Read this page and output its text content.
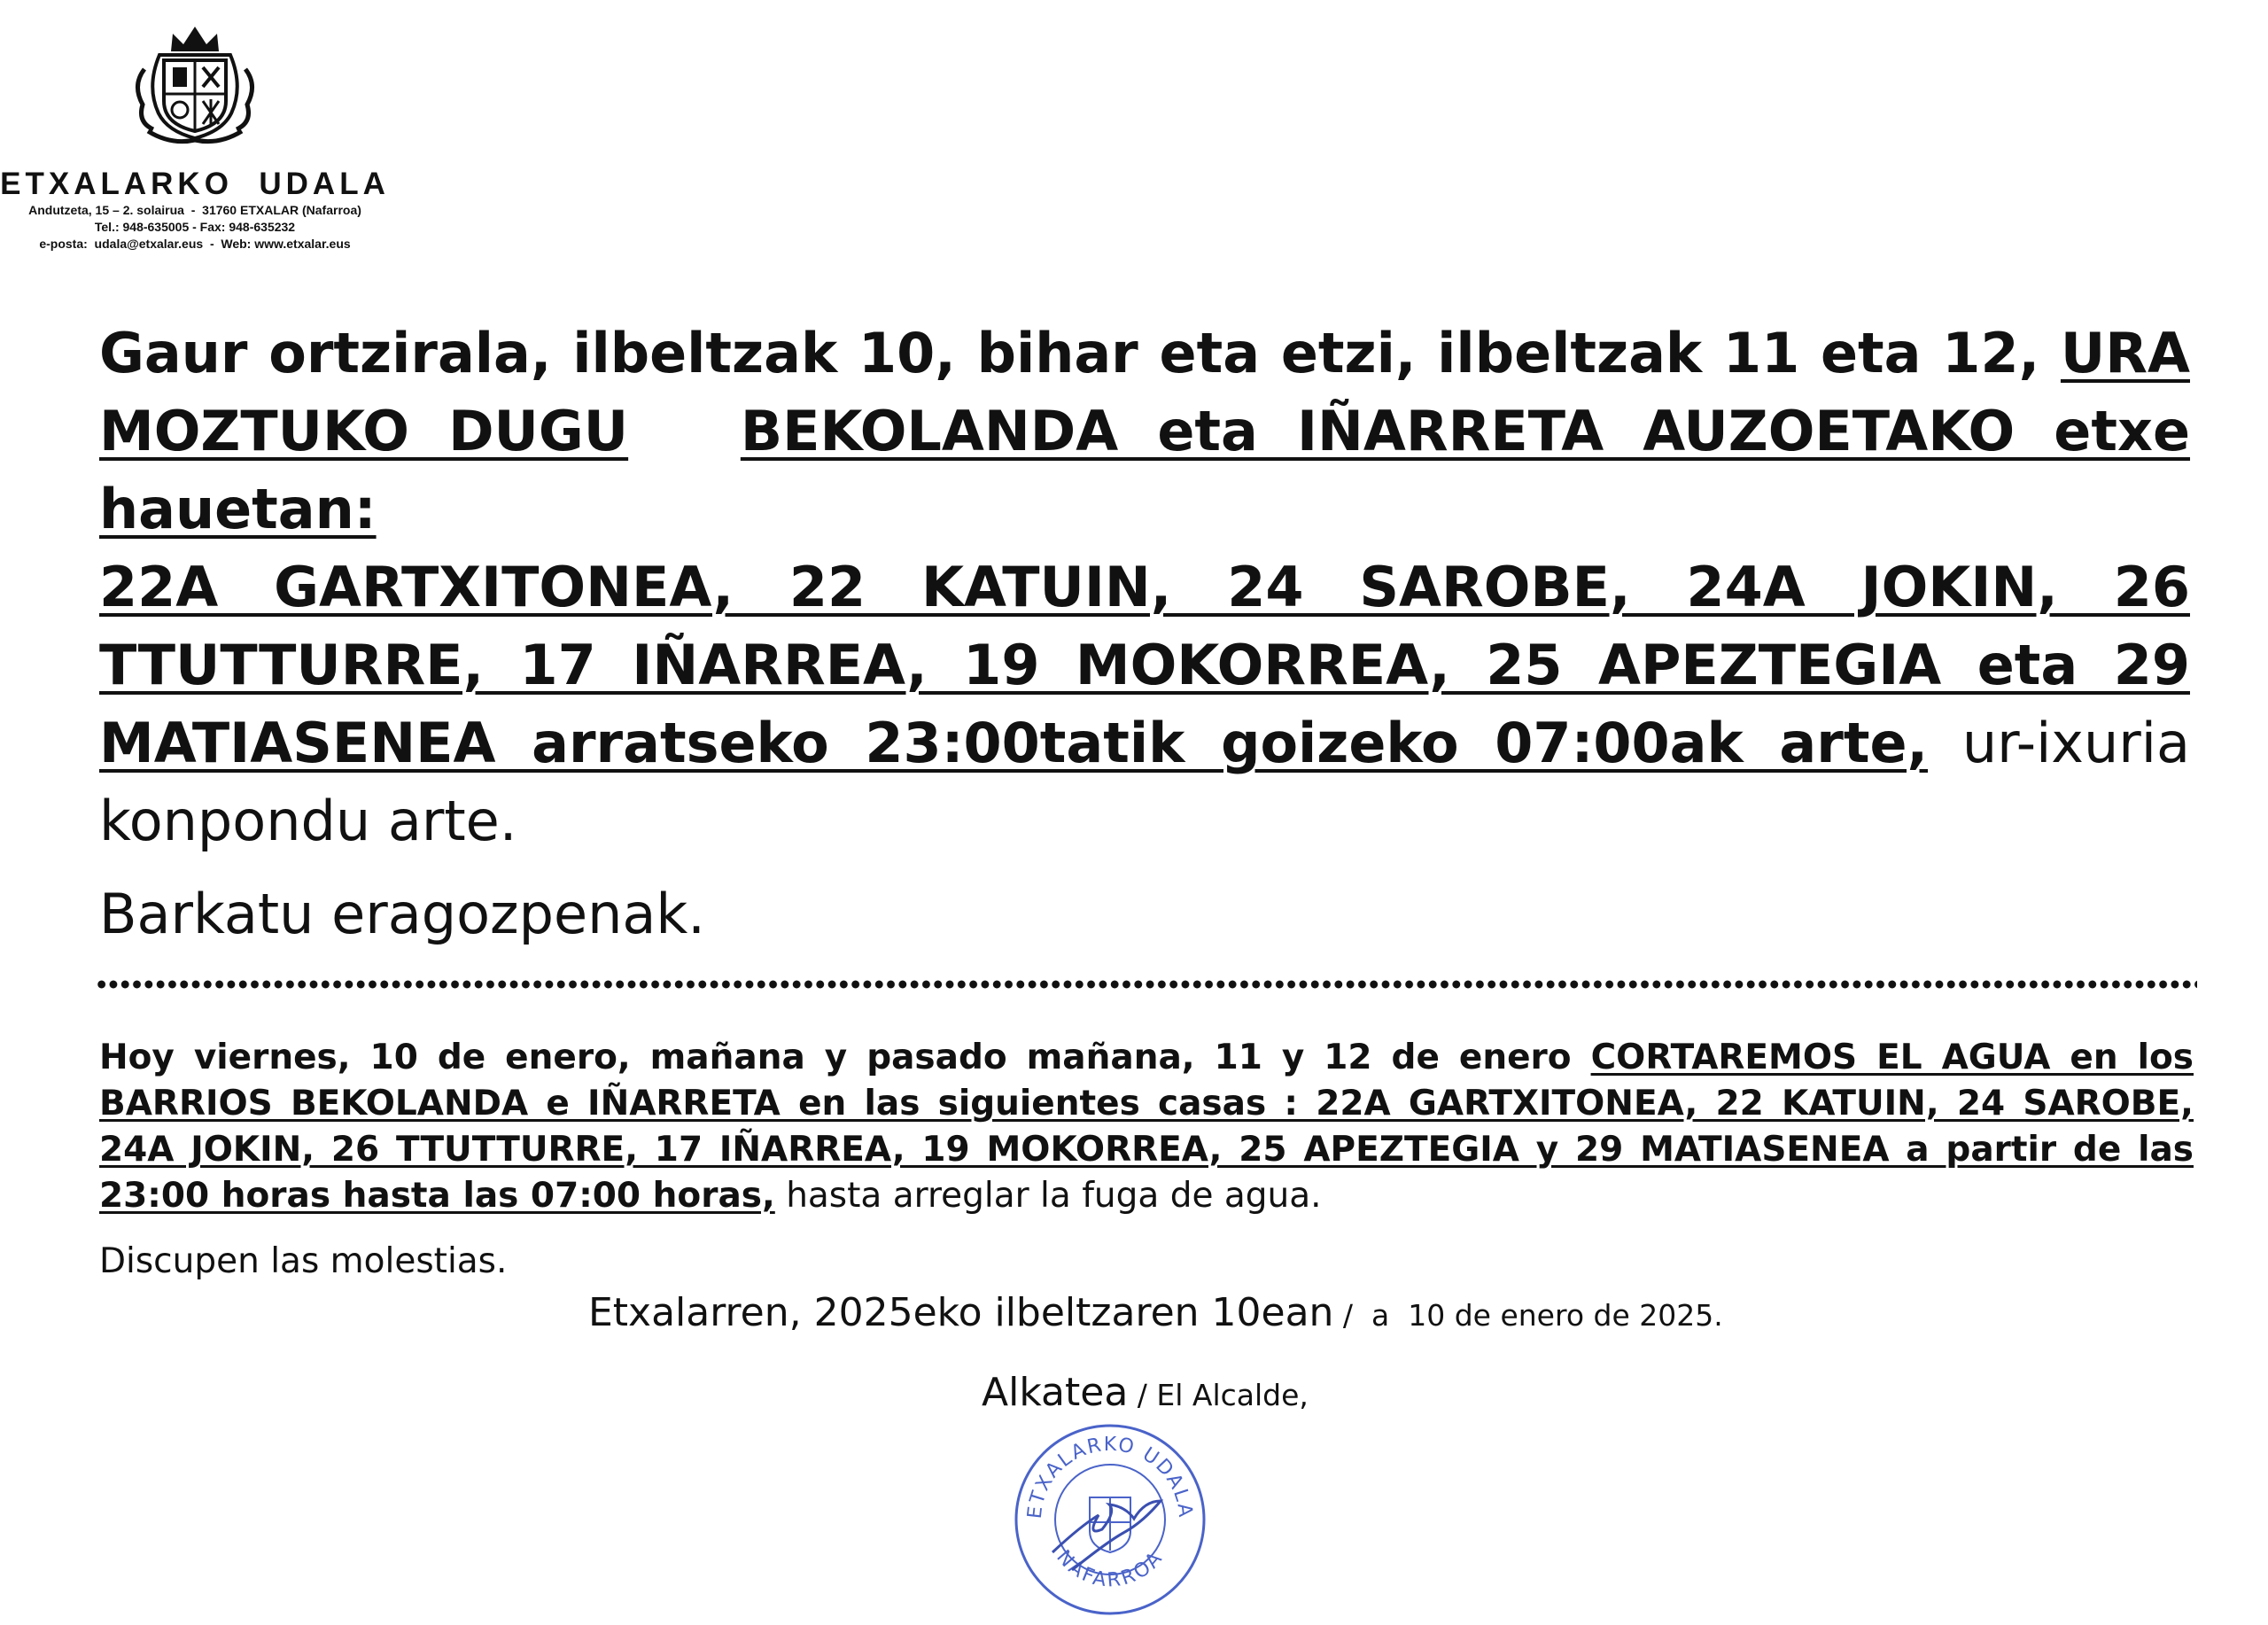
ETXALARKO  UDALA
Andutzeta, 15 – 2. solairua  -  31760 ETXALAR (Nafarroa)
Tel.: 948-635005 - Fax: 948-635232
e-posta:  udala@etxalar.eus  -  Web: www.etxalar.eus
Gaur ortzirala, ilbeltzak 10, bihar eta etzi, ilbeltzak 11 eta 12, URA MOZTUKO DUGU BEKOLANDA eta IÑARRETA AUZOETAKO etxe hauetan:
22A GARTXITONEA, 22 KATUIN, 24 SAROBE, 24A JOKIN, 26 TTUTTURRE, 17 IÑARREA, 19 MOKORREA, 25 APEZTEGIA eta 29 MATIASENEA arratseko 23:00tatik goizeko 07:00ak arte, ur-ixuria konpondu arte.
Barkatu eragozpenak.
Hoy viernes, 10 de enero, mañana y pasado mañana, 11 y 12 de enero CORTAREMOS EL AGUA en los BARRIOS BEKOLANDA e IÑARRETA en las siguientes casas : 22A GARTXITONEA, 22 KATUIN, 24 SAROBE, 24A JOKIN, 26 TTUTTURRE, 17 IÑARREA, 19 MOKORREA, 25 APEZTEGIA y 29 MATIASENEA a partir de las 23:00 horas hasta las 07:00 horas, hasta arreglar la fuga de agua.
Discupen las molestias.
Etxalarren, 2025eko ilbeltzaren 10ean /  a  10 de enero de 2025.
Alkatea / El Alcalde,
ETXALARKO UDALA
NAFARROA
